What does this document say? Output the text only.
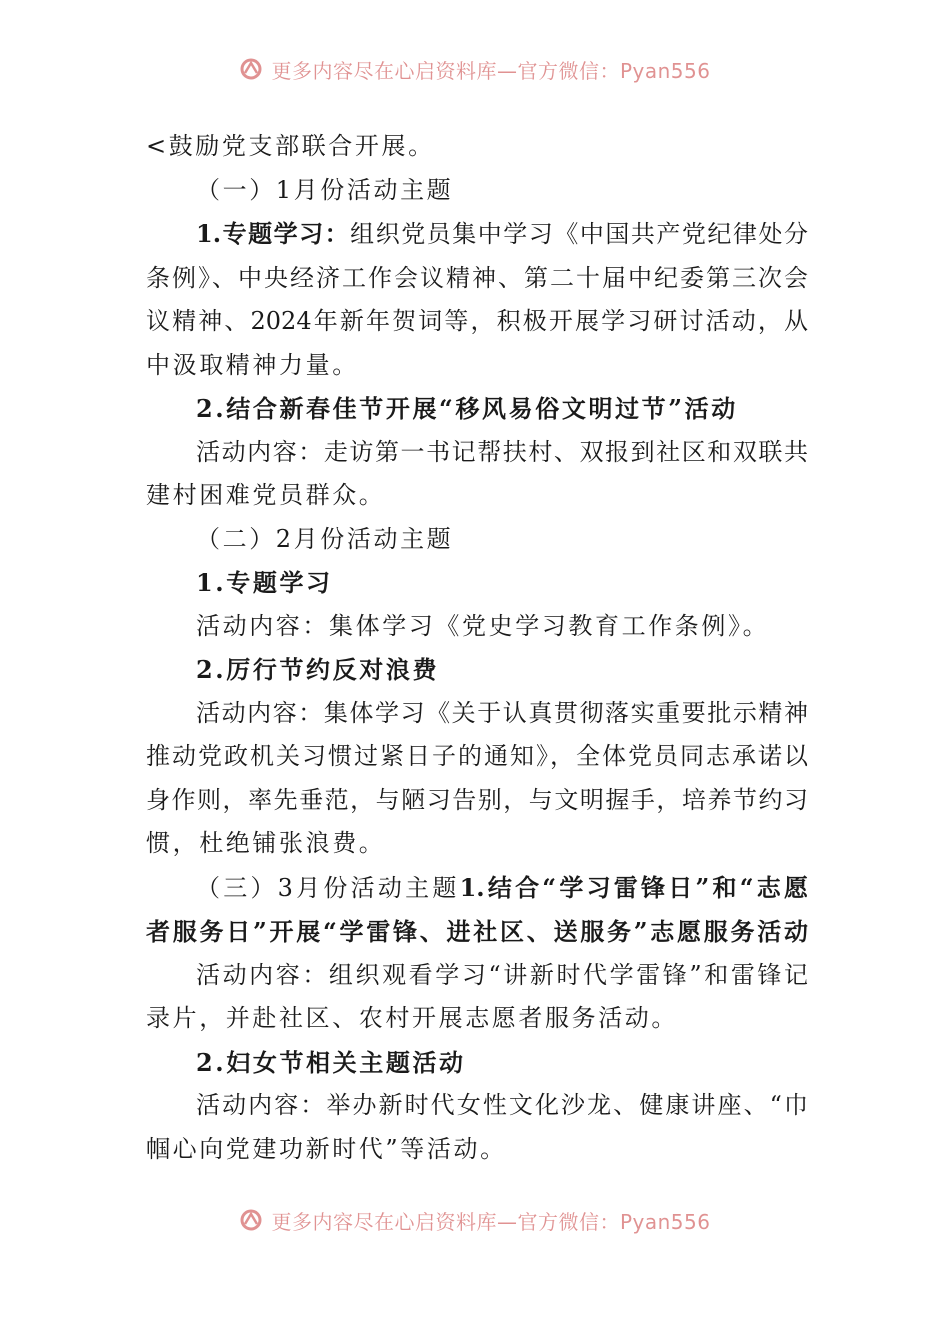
更多内容尽在心启资料库—官方微信：Pyan556
<鼓励党支部联合开展。
（一）1月份活动主题
1.专题学习：组织党员集中学习《中国共产党纪律处分
条例》、中央经济工作会议精神、第二十届中纪委第三次会
议精神、2024年新年贺词等，积极开展学习研讨活动，从
中汲取精神力量。
2.结合新春佳节开展“移风易俗文明过节”活动
活动内容：走访第一书记帮扶村、双报到社区和双联共
建村困难党员群众。
（二）2月份活动主题
1.专题学习
活动内容：集体学习《党史学习教育工作条例》。
2.厉行节约反对浪费
活动内容：集体学习《关于认真贯彻落实重要批示精神
推动党政机关习惯过紧日子的通知》，全体党员同志承诺以
身作则，率先垂范，与陋习告别，与文明握手，培养节约习
惯，杜绝铺张浪费。
（三）3月份活动主题1.结合“学习雷锋日”和“志愿
者服务日”开展“学雷锋、进社区、送服务”志愿服务活动
活动内容：组织观看学习“讲新时代学雷锋”和雷锋记
录片，并赴社区、农村开展志愿者服务活动。
2.妇女节相关主题活动
活动内容：举办新时代女性文化沙龙、健康讲座、“巾
帼心向党建功新时代”等活动。
更多内容尽在心启资料库—官方微信：Pyan556
